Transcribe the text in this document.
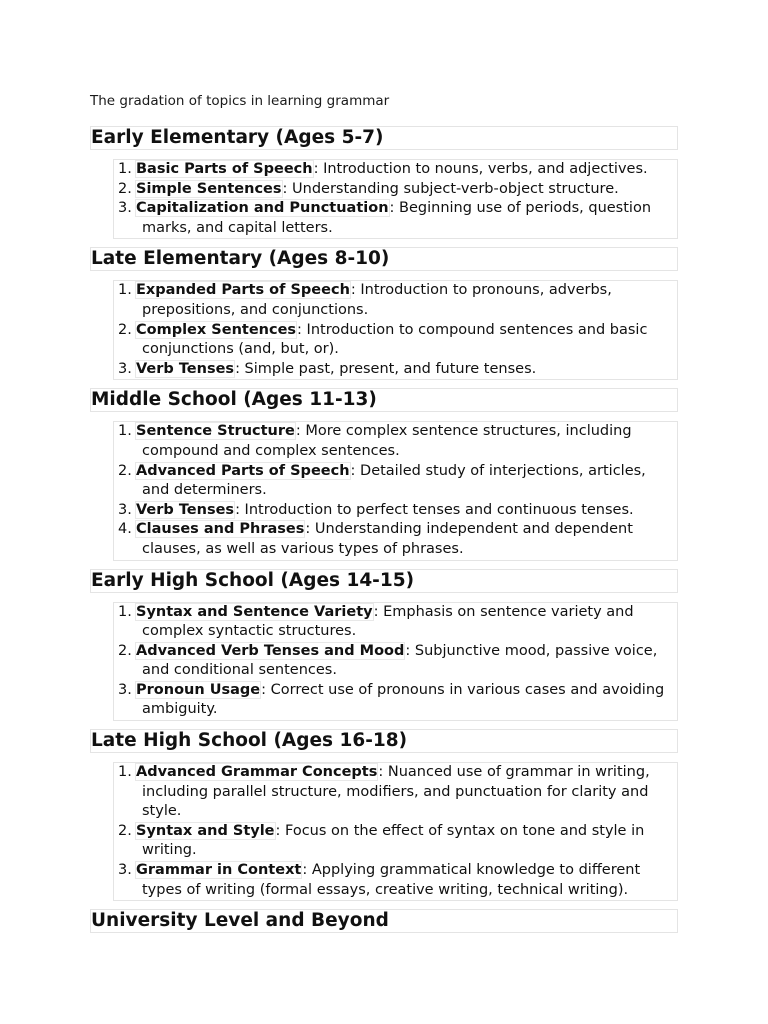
The gradation of topics in learning grammar
Early Elementary (Ages 5-7)
1. Basic Parts of Speech: Introduction to nouns, verbs, and adjectives.
2. Simple Sentences: Understanding subject-verb-object structure.
3. Capitalization and Punctuation: Beginning use of periods, question marks, and capital letters.
Late Elementary (Ages 8-10)
1. Expanded Parts of Speech: Introduction to pronouns, adverbs, prepositions, and conjunctions.
2. Complex Sentences: Introduction to compound sentences and basic conjunctions (and, but, or).
3. Verb Tenses: Simple past, present, and future tenses.
Middle School (Ages 11-13)
1. Sentence Structure: More complex sentence structures, including compound and complex sentences.
2. Advanced Parts of Speech: Detailed study of interjections, articles, and determiners.
3. Verb Tenses: Introduction to perfect tenses and continuous tenses.
4. Clauses and Phrases: Understanding independent and dependent clauses, as well as various types of phrases.
Early High School (Ages 14-15)
1. Syntax and Sentence Variety: Emphasis on sentence variety and complex syntactic structures.
2. Advanced Verb Tenses and Mood: Subjunctive mood, passive voice, and conditional sentences.
3. Pronoun Usage: Correct use of pronouns in various cases and avoiding ambiguity.
Late High School (Ages 16-18)
1. Advanced Grammar Concepts: Nuanced use of grammar in writing, including parallel structure, modifiers, and punctuation for clarity and style.
2. Syntax and Style: Focus on the effect of syntax on tone and style in writing.
3. Grammar in Context: Applying grammatical knowledge to different types of writing (formal essays, creative writing, technical writing).
University Level and Beyond
